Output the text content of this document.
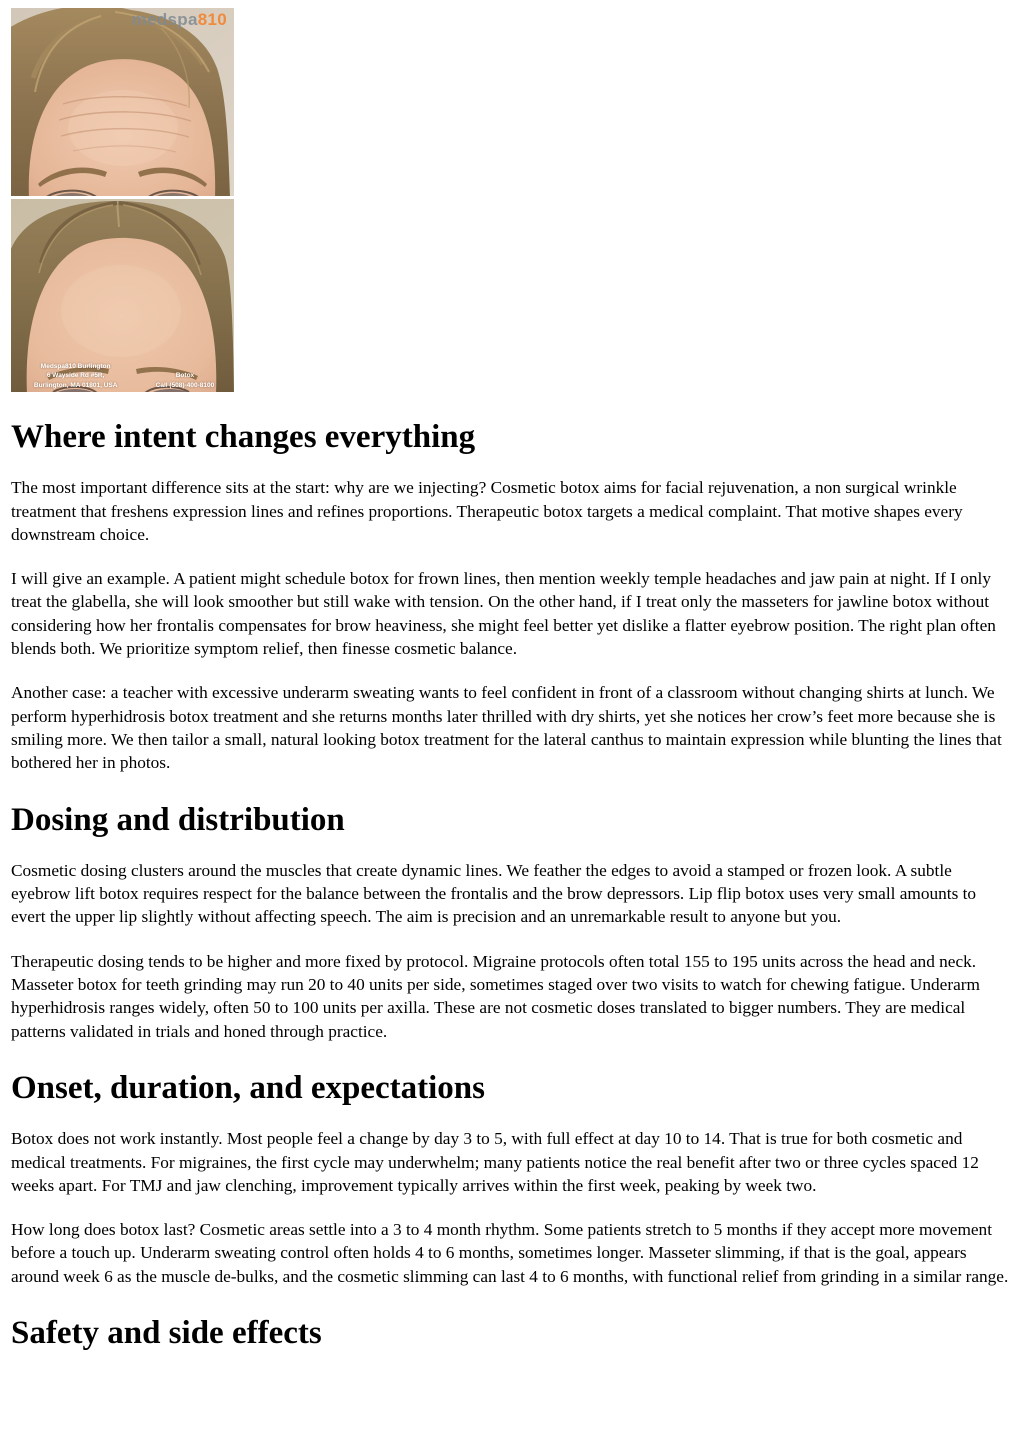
medspa810
Medspa810 Burlington
6 Wayside Rd #5R,
Burlington, MA 01801, USA
Botox
Call (508)-400-8100
Where intent changes everything

The most important difference sits at the start: why are we injecting? Cosmetic botox aims for facial rejuvenation, a non surgical wrinkle treatment that freshens expression lines and refines proportions. Therapeutic botox targets a medical complaint. That motive shapes every downstream choice.

I will give an example. A patient might schedule botox for frown lines, then mention weekly temple headaches and jaw pain at night. If I only treat the glabella, she will look smoother but still wake with tension. On the other hand, if I treat only the masseters for jawline botox without considering how her frontalis compensates for brow heaviness, she might feel better yet dislike a flatter eyebrow position. The right plan often blends both. We prioritize symptom relief, then finesse cosmetic balance.

Another case: a teacher with excessive underarm sweating wants to feel confident in front of a classroom without changing shirts at lunch. We perform hyperhidrosis botox treatment and she returns months later thrilled with dry shirts, yet she notices her crow’s feet more because she is smiling more. We then tailor a small, natural looking botox treatment for the lateral canthus to maintain expression while blunting the lines that bothered her in photos.

Dosing and distribution

Cosmetic dosing clusters around the muscles that create dynamic lines. We feather the edges to avoid a stamped or frozen look. A subtle eyebrow lift botox requires respect for the balance between the frontalis and the brow depressors. Lip flip botox uses very small amounts to evert the upper lip slightly without affecting speech. The aim is precision and an unremarkable result to anyone but you.

Therapeutic dosing tends to be higher and more fixed by protocol. Migraine protocols often total 155 to 195 units across the head and neck. Masseter botox for teeth grinding may run 20 to 40 units per side, sometimes staged over two visits to watch for chewing fatigue. Underarm hyperhidrosis ranges widely, often 50 to 100 units per axilla. These are not cosmetic doses translated to bigger numbers. They are medical patterns validated in trials and honed through practice.

Onset, duration, and expectations

Botox does not work instantly. Most people feel a change by day 3 to 5, with full effect at day 10 to 14. That is true for both cosmetic and medical treatments. For migraines, the first cycle may underwhelm; many patients notice the real benefit after two or three cycles spaced 12 weeks apart. For TMJ and jaw clenching, improvement typically arrives within the first week, peaking by week two.

How long does botox last? Cosmetic areas settle into a 3 to 4 month rhythm. Some patients stretch to 5 months if they accept more movement before a touch up. Underarm sweating control often holds 4 to 6 months, sometimes longer. Masseter slimming, if that is the goal, appears around week 6 as the muscle de-bulks, and the cosmetic slimming can last 4 to 6 months, with functional relief from grinding in a similar range.

Safety and side effects
